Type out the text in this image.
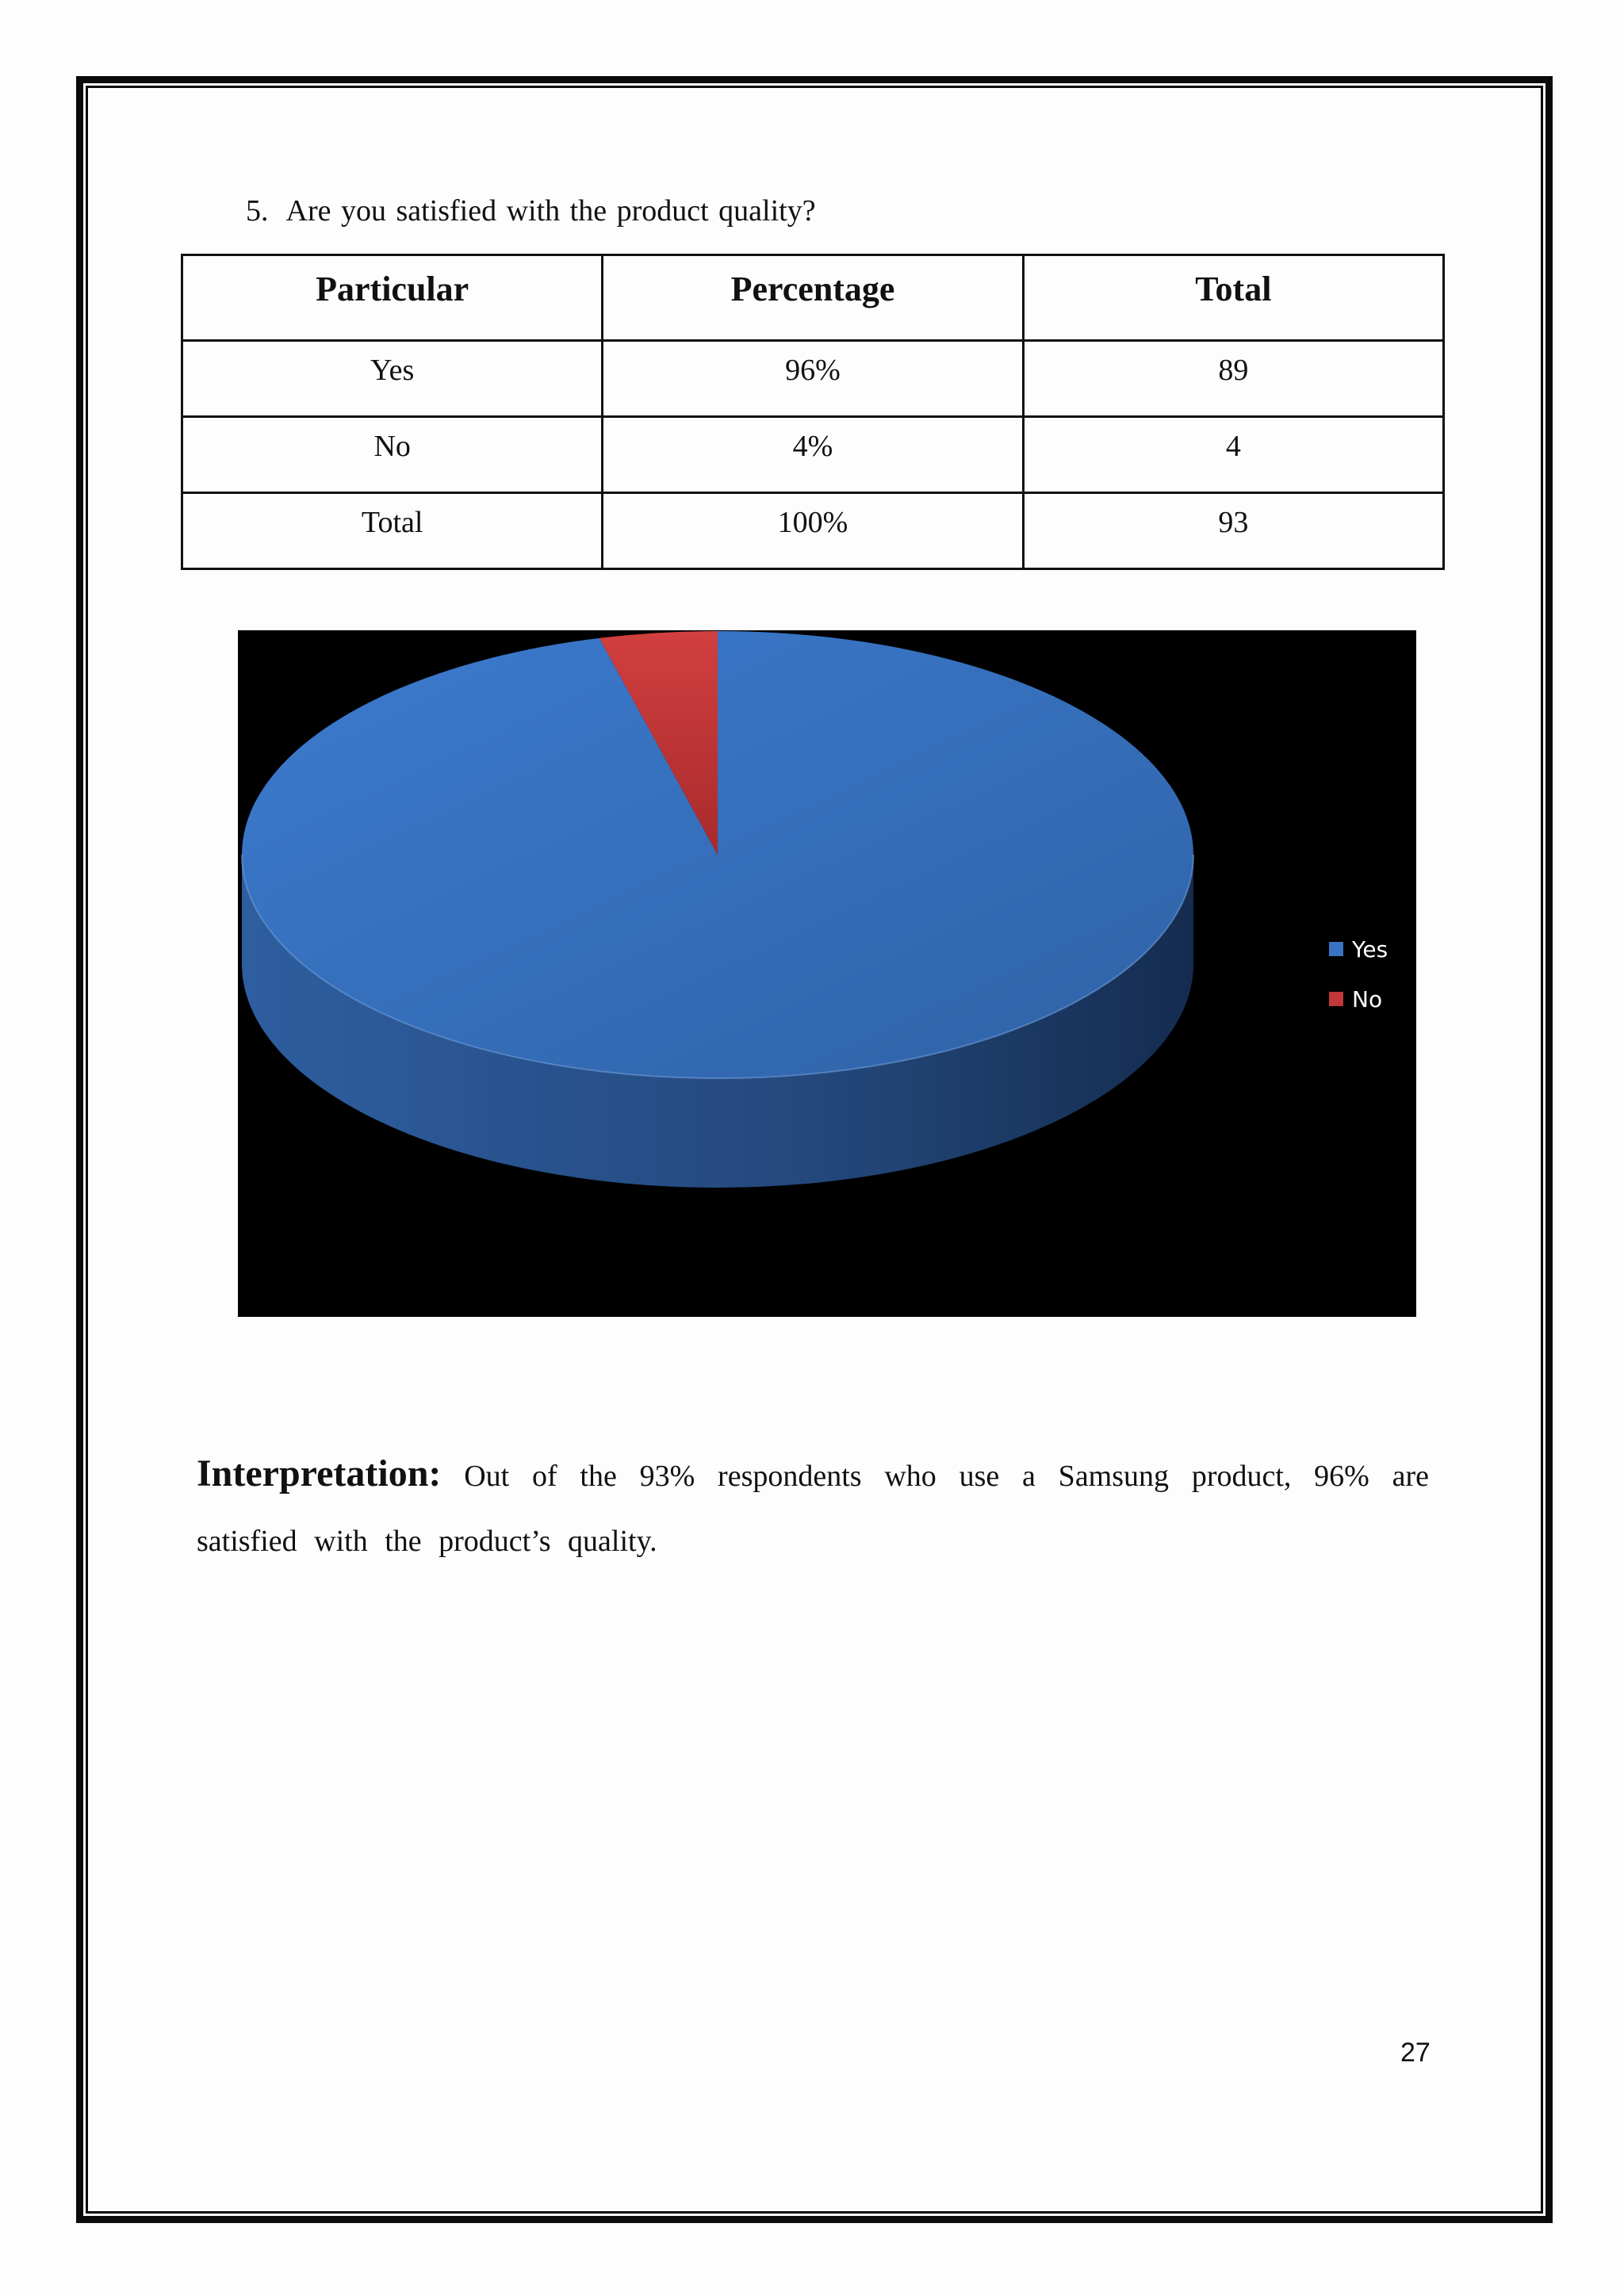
5. Are you satisfied with the product quality?
Particular	Percentage	Total
Yes	96%	89
No	4%	4
Total	100%	93
Yes
No
Interpretation: Out of the 93% respondents who use a Samsung product, 96% are satisfied with the product’s quality.
27
